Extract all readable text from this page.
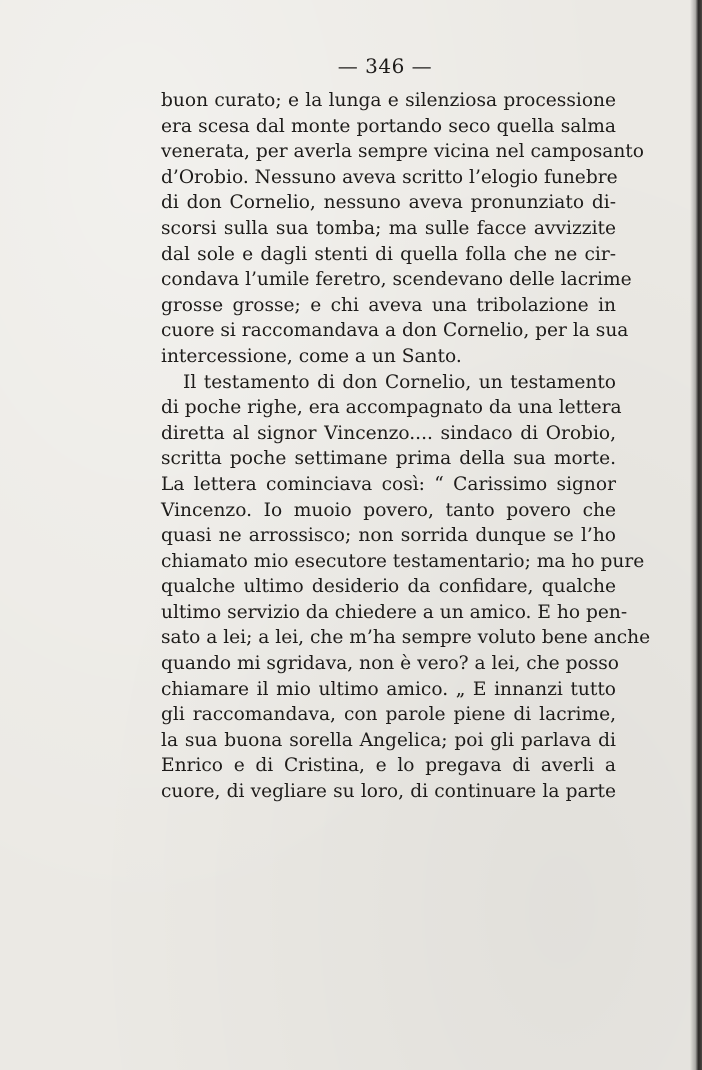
— 346 —
buon curato; e la lunga e silenziosa processione
era scesa dal monte portando seco quella salma
venerata, per averla sempre vicina nel camposanto
d’Orobio. Nessuno aveva scritto l’elogio funebre
di don Cornelio, nessuno aveva pronunziato di-
scorsi sulla sua tomba; ma sulle facce avvizzite
dal sole e dagli stenti di quella folla che ne cir-
condava l’umile feretro, scendevano delle lacrime
grosse grosse; e chi aveva una tribolazione in
cuore si raccomandava a don Cornelio, per la sua
intercessione, come a un Santo.
Il testamento di don Cornelio, un testamento
di poche righe, era accompagnato da una lettera
diretta al signor Vincenzo.... sindaco di Orobio,
scritta poche settimane prima della sua morte.
La lettera cominciava così: “ Carissimo signor
Vincenzo. Io muoio povero, tanto povero che
quasi ne arrossisco; non sorrida dunque se l’ho
chiamato mio esecutore testamentario; ma ho pure
qualche ultimo desiderio da confidare, qualche
ultimo servizio da chiedere a un amico. E ho pen-
sato a lei; a lei, che m’ha sempre voluto bene anche
quando mi sgridava, non è vero? a lei, che posso
chiamare il mio ultimo amico. „ E innanzi tutto
gli raccomandava, con parole piene di lacrime,
la sua buona sorella Angelica; poi gli parlava di
Enrico e di Cristina, e lo pregava di averli a
cuore, di vegliare su loro, di continuare la parte
